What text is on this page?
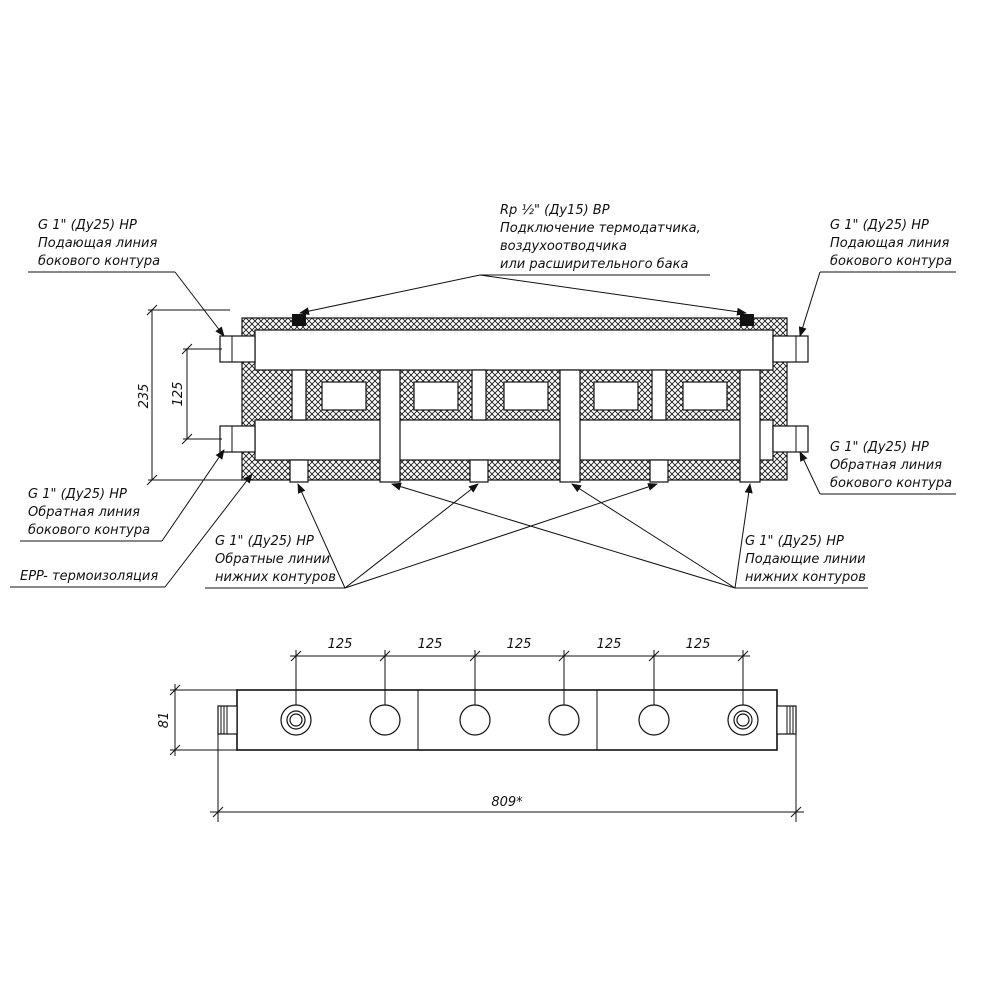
235 125
G 1" (Ду25) НР
Подающая линия
бокового контура
Rp ½" (Ду15) ВР
Подключение термодатчика,
воздухоотводчика
или расширительного бака
G 1" (Ду25) НР
Подающая линия
бокового контура
G 1" (Ду25) НР
Обратная линия
бокового контура
G 1" (Ду25) НР
Обратная линия
бокового контура
EPP- термоизоляция
G 1" (Ду25) НР
Обратные линии
нижних контуров
G 1" (Ду25) НР
Подающие линии
нижних контуров
125	125	125	125	125
81
809*
